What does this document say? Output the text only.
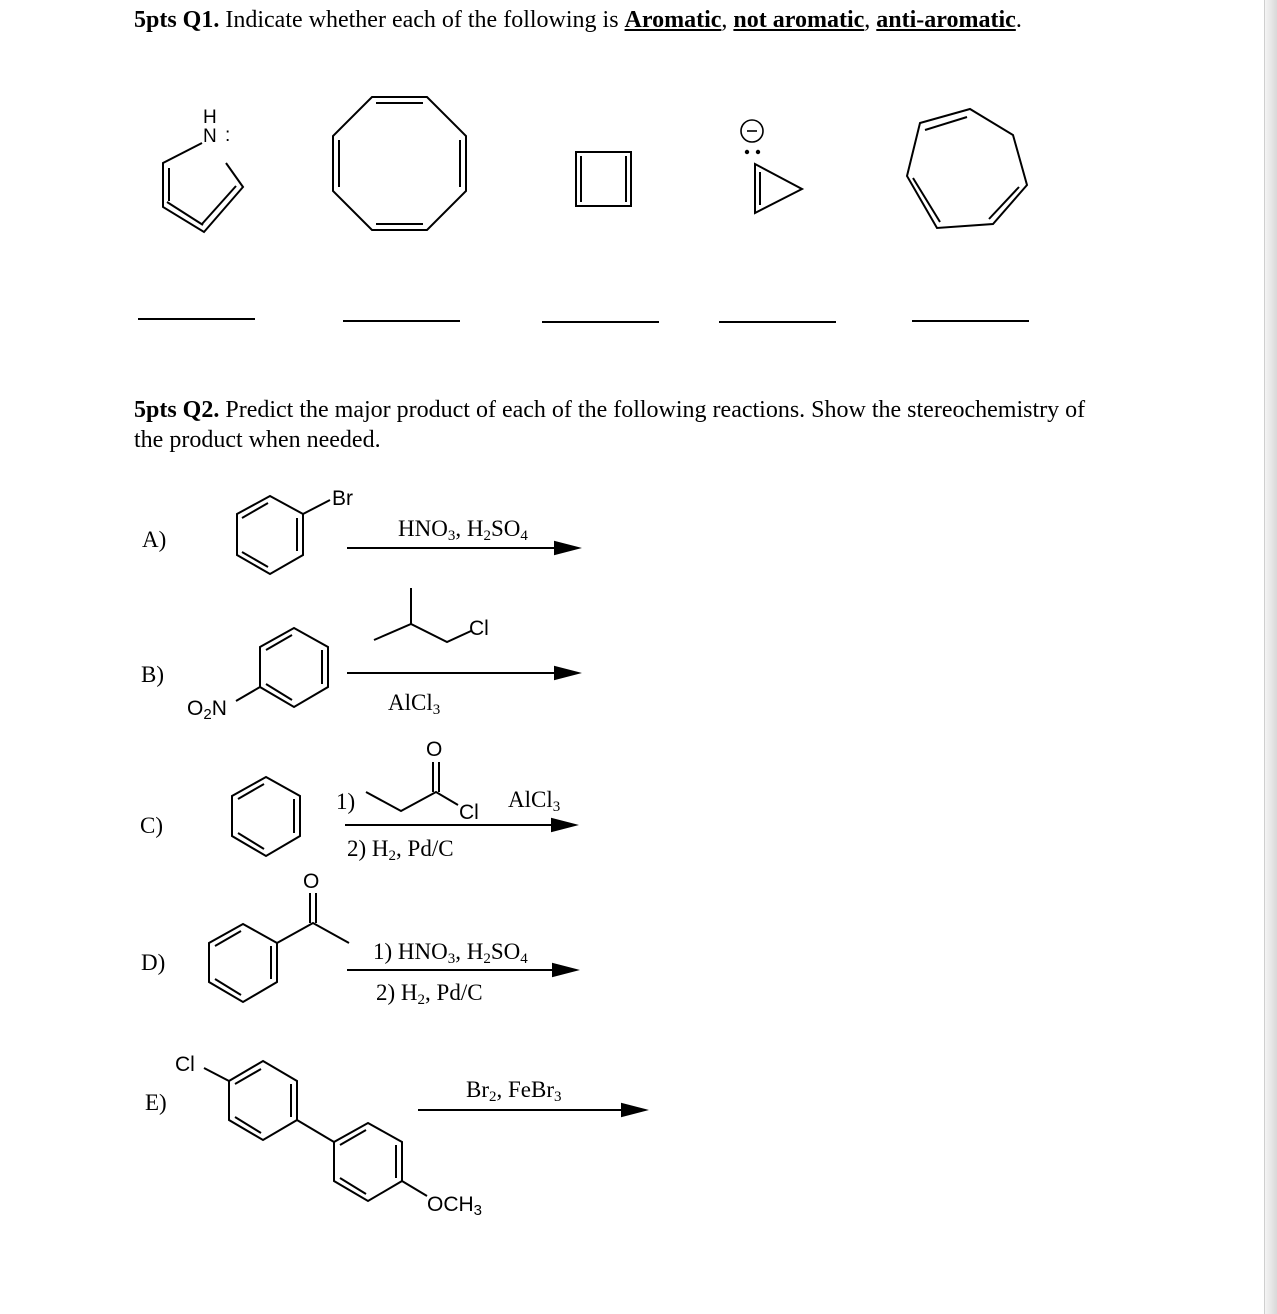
5pts Q1. Indicate whether each of the following is Aromatic, not aromatic, anti-aromatic.
H
N :
5pts Q2. Predict the major product of each of the following reactions. Show the stereochemistry of the product when needed.
A)
Br
$HNO_3$, $H_2SO_4$
B)
$O_2N$
Cl
AlCl$_3$
C)
1)
O
Cl
AlCl$_3$
2) $H_2$, Pd/C
D)
O
1) $HNO_3$, $H_2SO_4$
2) $H_2$, Pd/C
E)
Cl
$OCH_3$
$Br_2$, FeBr$_3$
